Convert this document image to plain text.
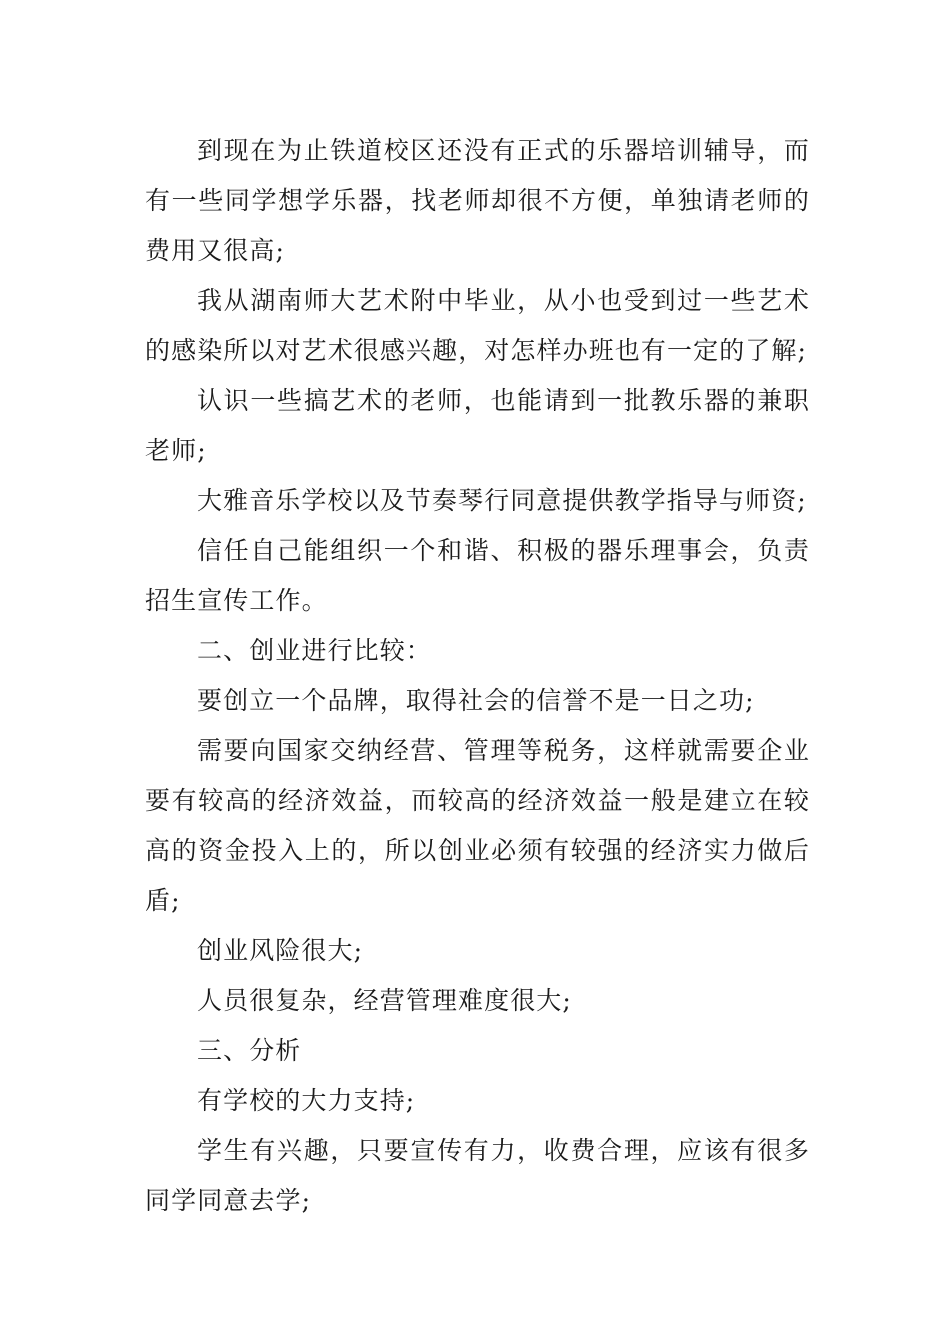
到现在为止铁道校区还没有正式的乐器培训辅导，而有一些同学想学乐器，找老师却很不方便，单独请老师的费用又很高;

我从湖南师大艺术附中毕业，从小也受到过一些艺术的感染所以对艺术很感兴趣，对怎样办班也有一定的了解;

认识一些搞艺术的老师，也能请到一批教乐器的兼职老师;

大雅音乐学校以及节奏琴行同意提供教学指导与师资;

信任自己能组织一个和谐、积极的器乐理事会，负责招生宣传工作。

二、创业进行比较：

要创立一个品牌，取得社会的信誉不是一日之功;

需要向国家交纳经营、管理等税务，这样就需要企业要有较高的经济效益，而较高的经济效益一般是建立在较高的资金投入上的，所以创业必须有较强的经济实力做后盾;

创业风险很大;

人员很复杂，经营管理难度很大;

三、分析

有学校的大力支持;

学生有兴趣，只要宣传有力，收费合理，应该有很多同学同意去学;
